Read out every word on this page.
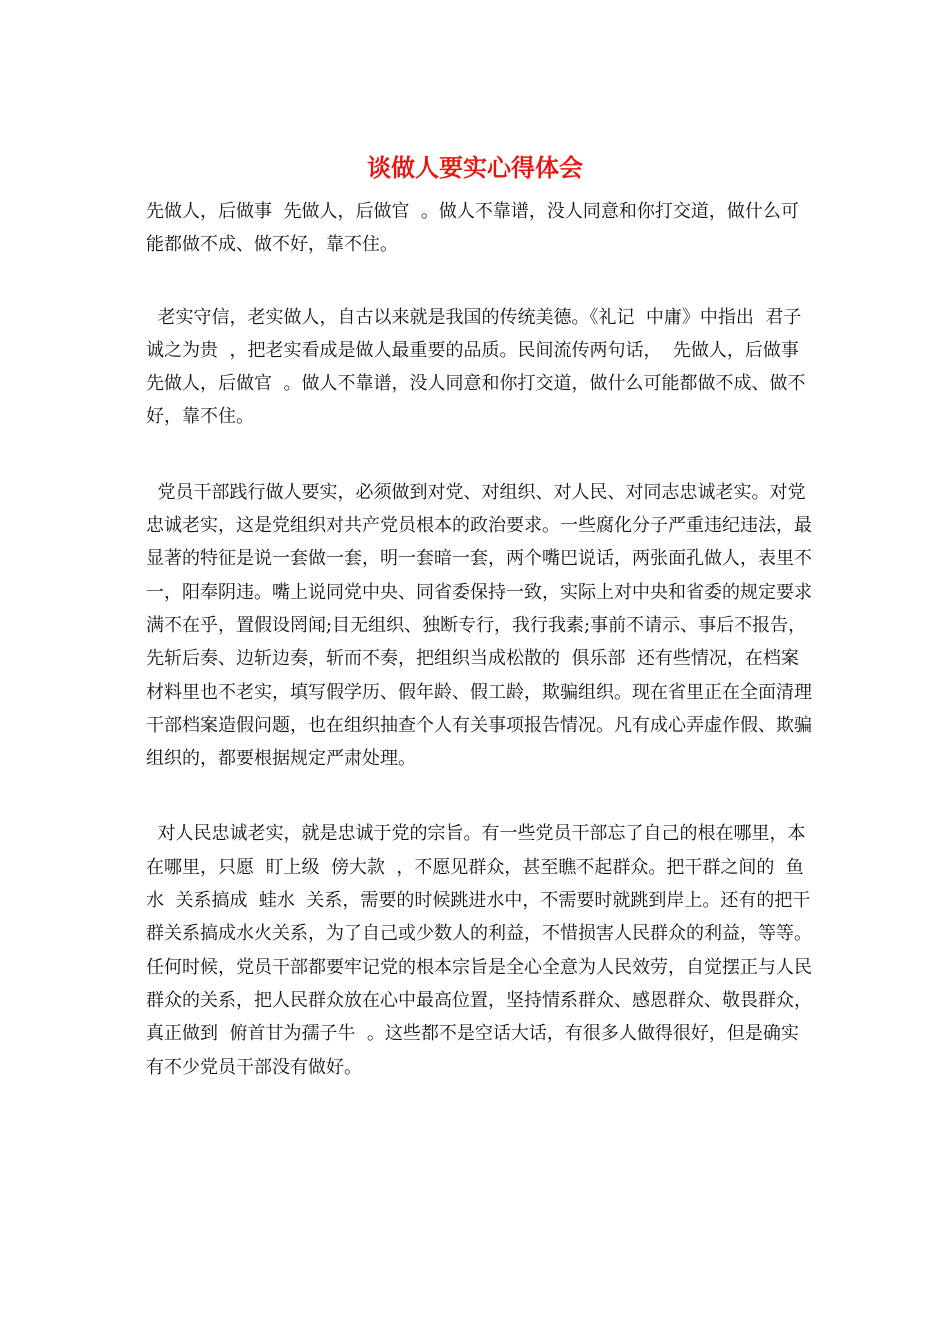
谈做人要实心得体会

先做人，后做事  先做人，后做官  。做人不靠谱，没人同意和你打交道，做什么可能都做不成、做不好，靠不住。

老实守信，老实做人，自古以来就是我国的传统美德。《礼记  中庸》中指出  君子诚之为贵  ，把老实看成是做人最重要的品质。民间流传两句话，  先做人，后做事  先做人，后做官  。做人不靠谱，没人同意和你打交道，做什么可能都做不成、做不好，靠不住。

党员干部践行做人要实，必须做到对党、对组织、对人民、对同志忠诚老实。对党忠诚老实，这是党组织对共产党员根本的政治要求。一些腐化分子严重违纪违法，最显著的特征是说一套做一套，明一套暗一套，两个嘴巴说话，两张面孔做人，表里不一，阳奉阴违。嘴上说同党中央、同省委保持一致，实际上对中央和省委的规定要求满不在乎，置假设罔闻;目无组织、独断专行，我行我素;事前不请示、事后不报告，先斩后奏、边斩边奏，斩而不奏，把组织当成松散的  俱乐部  还有些情况，在档案材料里也不老实，填写假学历、假年龄、假工龄，欺骗组织。现在省里正在全面清理干部档案造假问题，也在组织抽查个人有关事项报告情况。凡有成心弄虚作假、欺骗组织的，都要根据规定严肃处理。

对人民忠诚老实，就是忠诚于党的宗旨。有一些党员干部忘了自己的根在哪里，本在哪里，只愿  盯上级  傍大款  ，不愿见群众，甚至瞧不起群众。把干群之间的  鱼水  关系搞成  蛙水  关系，需要的时候跳进水中，不需要时就跳到岸上。还有的把干群关系搞成水火关系，为了自己或少数人的利益，不惜损害人民群众的利益，等等。任何时候，党员干部都要牢记党的根本宗旨是全心全意为人民效劳，自觉摆正与人民群众的关系，把人民群众放在心中最高位置，坚持情系群众、感恩群众、敬畏群众，真正做到  俯首甘为孺子牛  。这些都不是空话大话，有很多人做得很好，但是确实有不少党员干部没有做好。
